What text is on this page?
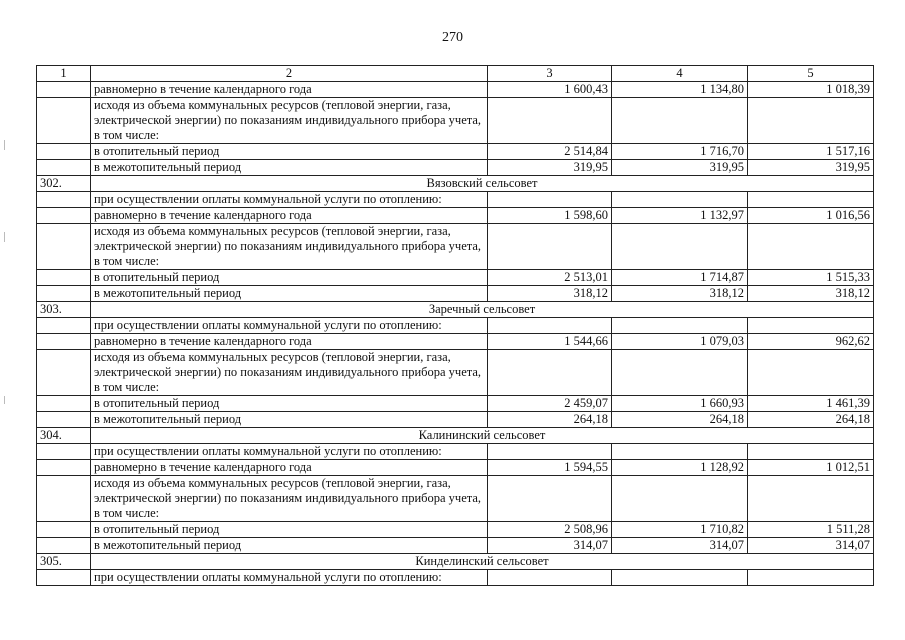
270
1	2	3	4	5
	равномерно в течение календарного года	1 600,43	1 134,80	1 018,39
	исходя из объема коммунальных ресурсов (тепловой энергии, газа, электрической энергии) по показаниям индивидуального прибора учета, в том числе:			
	в отопительный период	2 514,84	1 716,70	1 517,16
	в межотопительный период	319,95	319,95	319,95
302.	Вязовский сельсовет			
	при осуществлении оплаты коммунальной услуги по отоплению:			
	равномерно в течение календарного года	1 598,60	1 132,97	1 016,56
	исходя из объема коммунальных ресурсов (тепловой энергии, газа, электрической энергии) по показаниям индивидуального прибора учета, в том числе:			
	в отопительный период	2 513,01	1 714,87	1 515,33
	в межотопительный период	318,12	318,12	318,12
303.	Заречный сельсовет			
	при осуществлении оплаты коммунальной услуги по отоплению:			
	равномерно в течение календарного года	1 544,66	1 079,03	962,62
	исходя из объема коммунальных ресурсов (тепловой энергии, газа, электрической энергии) по показаниям индивидуального прибора учета, в том числе:			
	в отопительный период	2 459,07	1 660,93	1 461,39
	в межотопительный период	264,18	264,18	264,18
304.	Калининский сельсовет			
	при осуществлении оплаты коммунальной услуги по отоплению:			
	равномерно в течение календарного года	1 594,55	1 128,92	1 012,51
	исходя из объема коммунальных ресурсов (тепловой энергии, газа, электрической энергии) по показаниям индивидуального прибора учета, в том числе:			
	в отопительный период	2 508,96	1 710,82	1 511,28
	в межотопительный период	314,07	314,07	314,07
305.	Кинделинский сельсовет			
	при осуществлении оплаты коммунальной услуги по отоплению:			
